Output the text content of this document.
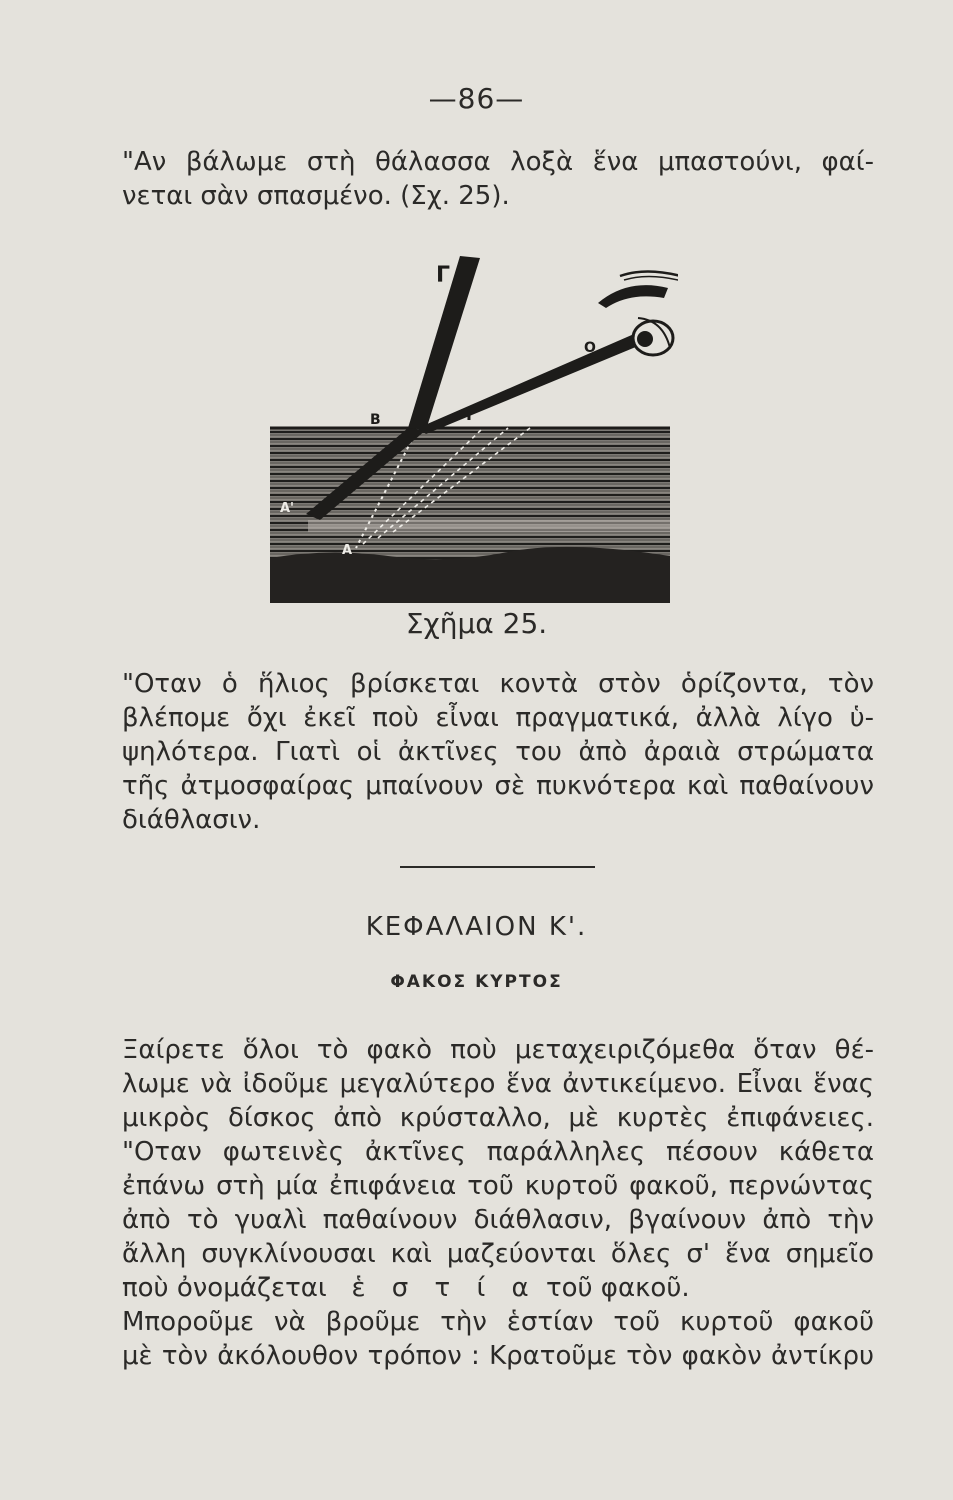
—86—
"Αν βάλωμε στὴ θάλασσα λοξὰ ἕνα μπαστούνι, φαί-
νεται σὰν σπασμένο. (Σχ. 25).
Γ
Ο
Β	Ι
Α'
Α
Σχῆμα 25.
"Οταν ὁ ἥλιος βρίσκεται κοντὰ στὸν ὁρίζοντα, τὸν
βλέπομε ὄχι ἐκεῖ ποὺ εἶναι πραγματικά, ἀλλὰ λίγο ὑ-
ψηλότερα. Γιατὶ οἱ ἀκτῖνες του ἀπὸ ἀραιὰ στρώματα
τῆς ἀτμοσφαίρας μπαίνουν σὲ πυκνότερα καὶ παθαίνουν
διάθλασιν.
ΚΕΦΑΛΑΙΟΝ Κ'.
ΦΑΚΟΣ ΚΥΡΤΟΣ
Ξαίρετε ὅλοι τὸ φακὸ ποὺ μεταχειριζόμεθα ὅταν θέ-
λωμε νὰ ἰδοῦμε μεγαλύτερο ἕνα ἀντικείμενο. Εἶναι ἕνας
μικρὸς δίσκος ἀπὸ κρύσταλλο, μὲ κυρτὲς ἐπιφάνειες.
"Οταν φωτεινὲς ἀκτῖνες παράλληλες πέσουν κάθετα
ἐπάνω στὴ μία ἐπιφάνεια τοῦ κυρτοῦ φακοῦ, περνώντας
ἀπὸ τὸ γυαλὶ παθαίνουν διάθλασιν, βγαίνουν ἀπὸ τὴν
ἄλλη συγκλίνουσαι καὶ μαζεύονται ὅλες σ' ἕνα σημεῖο
ποὺ ὀνομάζεται ἑ σ τ ί α τοῦ φακοῦ.
Μποροῦμε νὰ βροῦμε τὴν ἑστίαν τοῦ κυρτοῦ φακοῦ
μὲ τὸν ἀκόλουθον τρόπον : Κρατοῦμε τὸν φακὸν ἀντίκρυ
